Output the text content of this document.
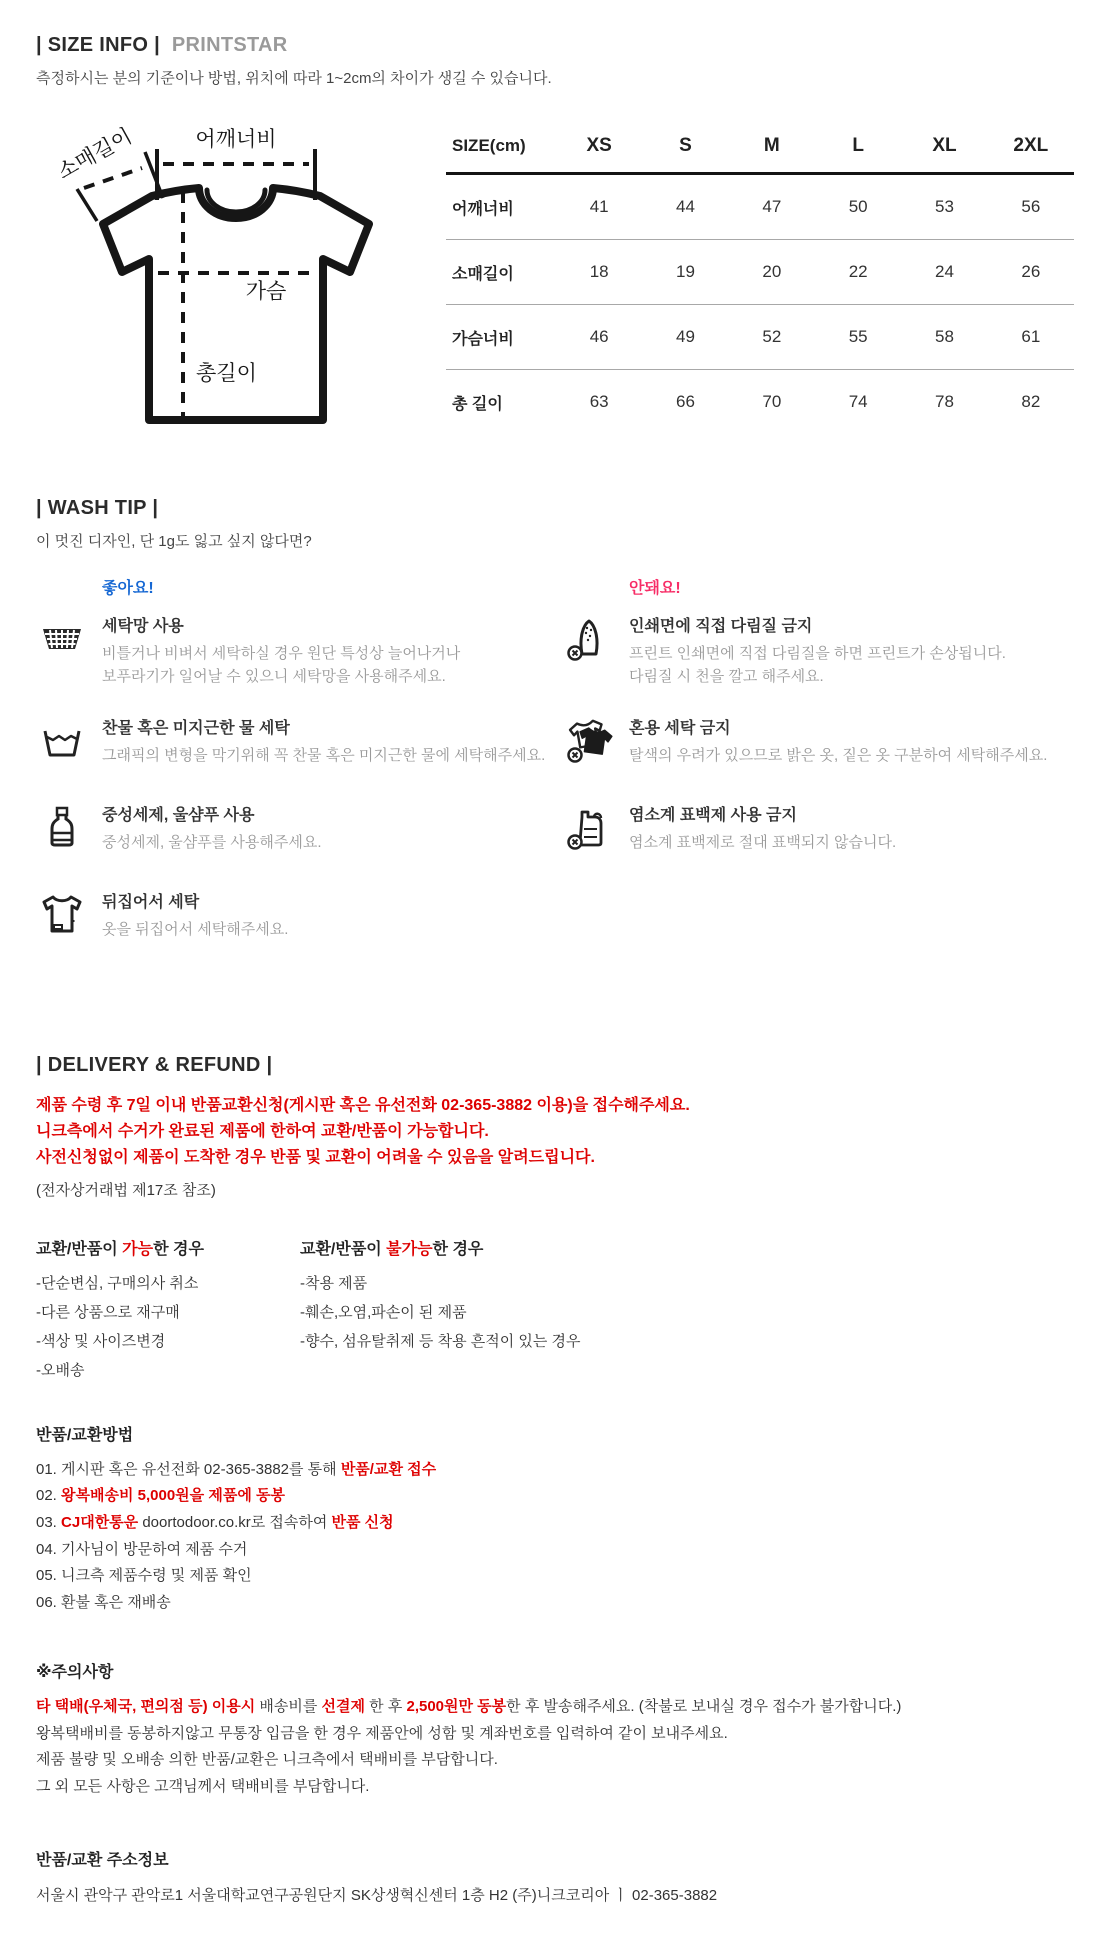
| SIZE INFO | PRINTSTAR
측정하시는 분의 기준이나 방법, 위치에 따라 1~2cm의 차이가 생길 수 있습니다.
어깨너비
소매길이
가슴
총길이
SIZE(cm)	XS	S	M	L	XL	2XL
어깨너비	41	44	47	50	53	56
소매길이	18	19	20	22	24	26
가슴너비	46	49	52	55	58	61
총 길이	63	66	70	74	78	82
| WASH TIP |
이 멋진 디자인, 단 1g도 잃고 싶지 않다면?
좋아요!
세탁망 사용
비틀거나 비벼서 세탁하실 경우 원단 특성상 늘어나거나
보푸라기가 일어날 수 있으니 세탁망을 사용해주세요.
찬물 혹은 미지근한 물 세탁
그래픽의 변형을 막기위해 꼭 찬물 혹은 미지근한 물에 세탁해주세요.
중성세제, 울샴푸 사용
중성세제, 울샴푸를 사용해주세요.
뒤집어서 세탁
옷을 뒤집어서 세탁해주세요.
안돼요!
인쇄면에 직접 다림질 금지
프린트 인쇄면에 직접 다림질을 하면 프린트가 손상됩니다.
다림질 시 천을 깔고 해주세요.
혼용 세탁 금지
탈색의 우려가 있으므로 밝은 옷, 짙은 옷 구분하여 세탁해주세요.
염소계 표백제 사용 금지
염소계 표백제로 절대 표백되지 않습니다.
| DELIVERY & REFUND |
제품 수령 후 7일 이내 반품교환신청(게시판 혹은 유선전화 02-365-3882 이용)을 접수해주세요.
니크측에서 수거가 완료된 제품에 한하여 교환/반품이 가능합니다.
사전신청없이 제품이 도착한 경우 반품 및 교환이 어려울 수 있음을 알려드립니다.
(전자상거래법 제17조 참조)
교환/반품이 가능한 경우
-단순변심, 구매의사 취소
-다른 상품으로 재구매
-색상 및 사이즈변경
-오배송
교환/반품이 불가능한 경우
-착용 제품
-훼손,오염,파손이 된 제품
-향수, 섬유탈취제 등 착용 흔적이 있는 경우
반품/교환방법
01. 게시판 혹은 유선전화 02-365-3882를 통해 반품/교환 접수
02. 왕복배송비 5,000원을 제품에 동봉
03. CJ대한통운 doortodoor.co.kr로 접속하여 반품 신청
04. 기사님이 방문하여 제품 수거
05. 니크측 제품수령 및 제품 확인
06. 환불 혹은 재배송
※주의사항
타 택배(우체국, 편의점 등) 이용시 배송비를 선결제 한 후 2,500원만 동봉한 후 발송해주세요. (착불로 보내실 경우 접수가 불가합니다.)
왕복택배비를 동봉하지않고 무통장 입금을 한 경우 제품안에 성함 및 계좌번호를 입력하여 같이 보내주세요.
제품 불량 및 오배송 의한 반품/교환은 니크측에서 택배비를 부담합니다.
그 외 모든 사항은 고객님께서 택배비를 부담합니다.
반품/교환 주소정보
서울시 관악구 관악로1 서울대학교연구공원단지 SK상생혁신센터 1층 H2 (주)니크코리아 ㅣ 02-365-3882
